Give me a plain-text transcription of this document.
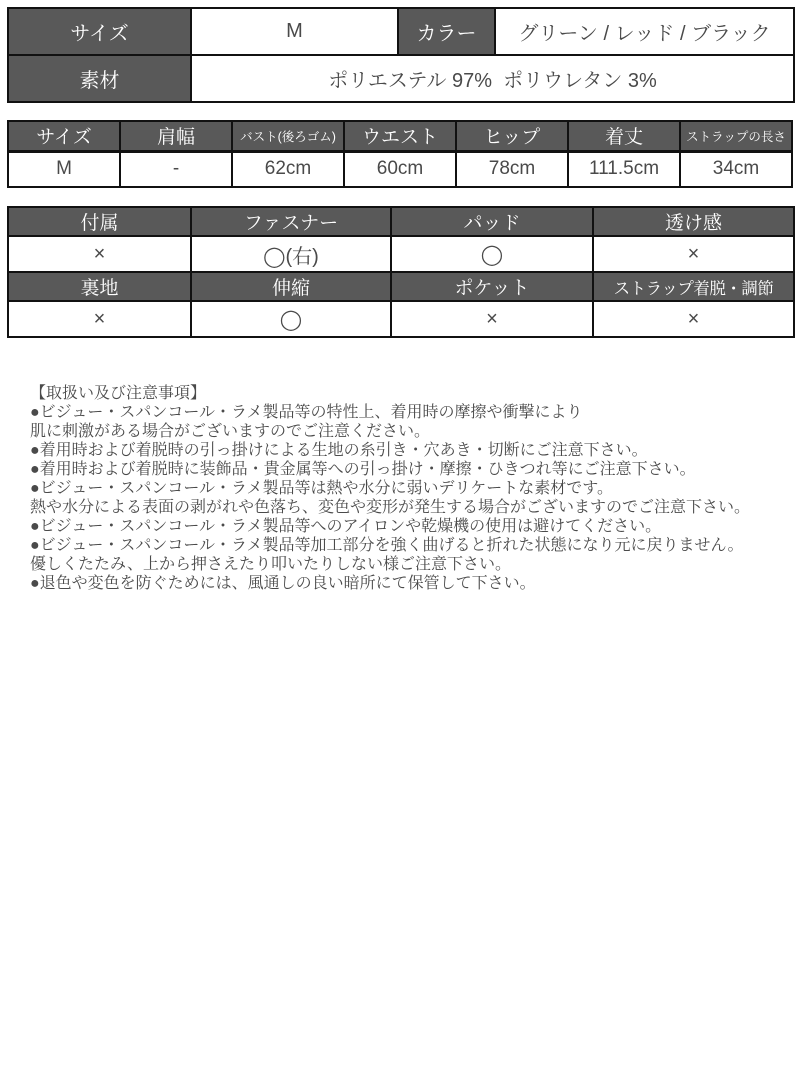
サイズ	M	カラー	グリーン / レッド / ブラック
素材	ポリエステル 97%  ポリウレタン 3%		
サイズ	肩幅	バスト(後ろゴム)	ウエスト	ヒップ	着丈	ストラップの長さ
M	-	62cm	60cm	78cm	111.5cm	34cm
付属	ファスナー	パッド	透け感
×	◯(右)	◯	×
裏地	伸縮	ポケット	ストラップ着脱・調節
×	◯	×	×
【取扱い及び注意事項】
●ビジュー・スパンコール・ラメ製品等の特性上、着用時の摩擦や衝撃により
肌に刺激がある場合がございますのでご注意ください。
●着用時および着脱時の引っ掛けによる生地の糸引き・穴あき・切断にご注意下さい。
●着用時および着脱時に装飾品・貴金属等への引っ掛け・摩擦・ひきつれ等にご注意下さい。
●ビジュー・スパンコール・ラメ製品等は熱や水分に弱いデリケートな素材です。
熱や水分による表面の剥がれや色落ち、変色や変形が発生する場合がございますのでご注意下さい。
●ビジュー・スパンコール・ラメ製品等へのアイロンや乾燥機の使用は避けてください。
●ビジュー・スパンコール・ラメ製品等加工部分を強く曲げると折れた状態になり元に戻りません。
優しくたたみ、上から押さえたり叩いたりしない様ご注意下さい。
●退色や変色を防ぐためには、風通しの良い暗所にて保管して下さい。
